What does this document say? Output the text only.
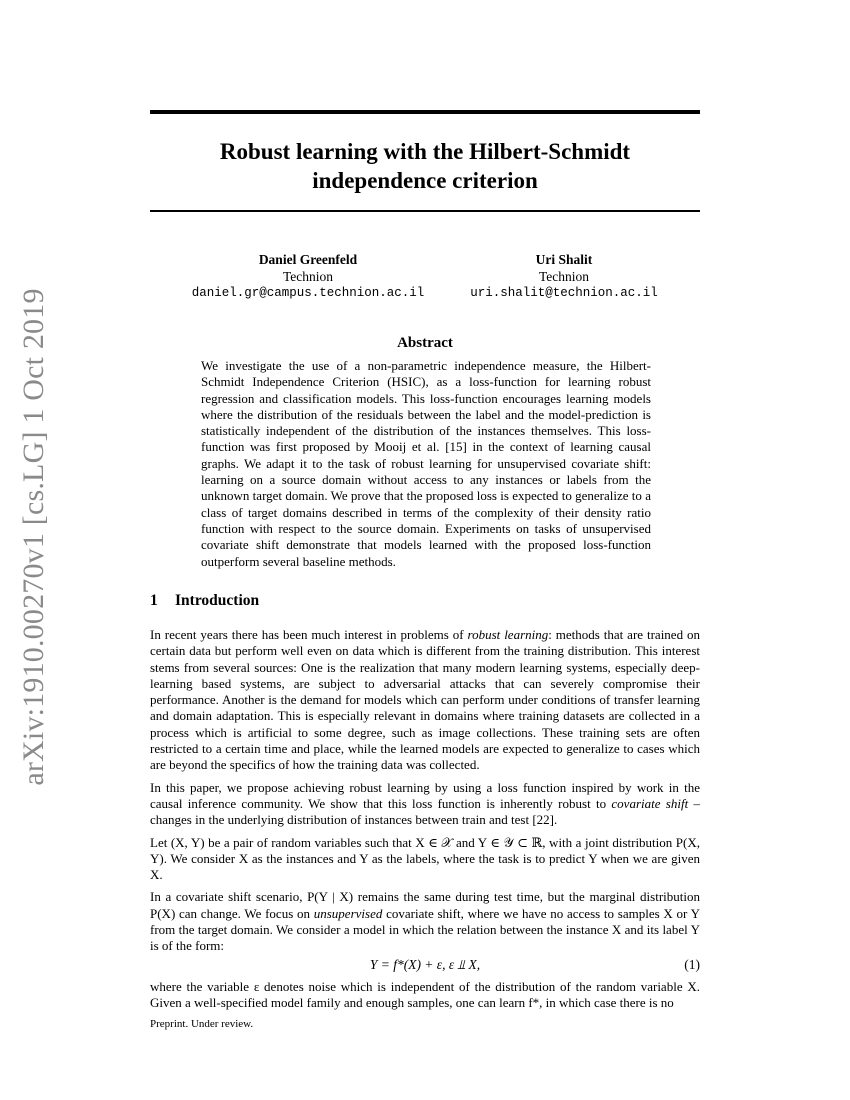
Robust learning with the Hilbert-Schmidt
independence criterion
Daniel Greenfeld
Technion
daniel.gr@campus.technion.ac.il
Uri Shalit
Technion
uri.shalit@technion.ac.il
arXiv:1910.00270v1 [cs.LG] 1 Oct 2019	Abstract
We investigate the use of a non-parametric independence measure, the Hilbert-Schmidt Independence Criterion (HSIC), as a loss-function for learning robust regression and classification models. This loss-function encourages learning models where the distribution of the residuals between the label and the model-prediction is statistically independent of the distribution of the instances themselves. This loss-function was first proposed by Mooij et al. [15] in the context of learning causal graphs. We adapt it to the task of robust learning for unsupervised covariate shift: learning on a source domain without access to any instances or labels from the unknown target domain. We prove that the proposed loss is expected to generalize to a class of target domains described in terms of the complexity of their density ratio function with respect to the source domain. Experiments on tasks of unsupervised covariate shift demonstrate that models learned with the proposed loss-function outperform several baseline methods.
1 Introduction

In recent years there has been much interest in problems of robust learning: methods that are trained on certain data but perform well even on data which is different from the training distribution. This interest stems from several sources: One is the realization that many modern learning systems, especially deep-learning based systems, are subject to adversarial attacks that can severely compromise their performance. Another is the demand for models which can perform under conditions of transfer learning and domain adaptation. This is especially relevant in domains where training datasets are collected in a process which is artificial to some degree, such as image collections. These training sets are often restricted to a certain time and place, while the learned models are expected to generalize to cases which are beyond the specifics of how the training data was collected.

In this paper, we propose achieving robust learning by using a loss function inspired by work in the causal inference community. We show that this loss function is inherently robust to covariate shift – changes in the underlying distribution of instances between train and test [22].

Let (X, Y) be a pair of random variables such that X ∈ 𝒳 and Y ∈ 𝒴 ⊂ ℝ, with a joint distribution P(X, Y). We consider X as the instances and Y as the labels, where the task is to predict Y when we are given X.

In a covariate shift scenario, P(Y | X) remains the same during test time, but the marginal distribution P(X) can change. We focus on unsupervised covariate shift, where we have no access to samples X or Y from the target domain. We consider a model in which the relation between the instance X and its label Y is of the form:

Y = f*(X) + ε, ε ⫫ X,	(1)

where the variable ε denotes noise which is independent of the distribution of the random variable X. Given a well-specified model family and enough samples, one can learn f*, in which case there is no

Preprint. Under review.
